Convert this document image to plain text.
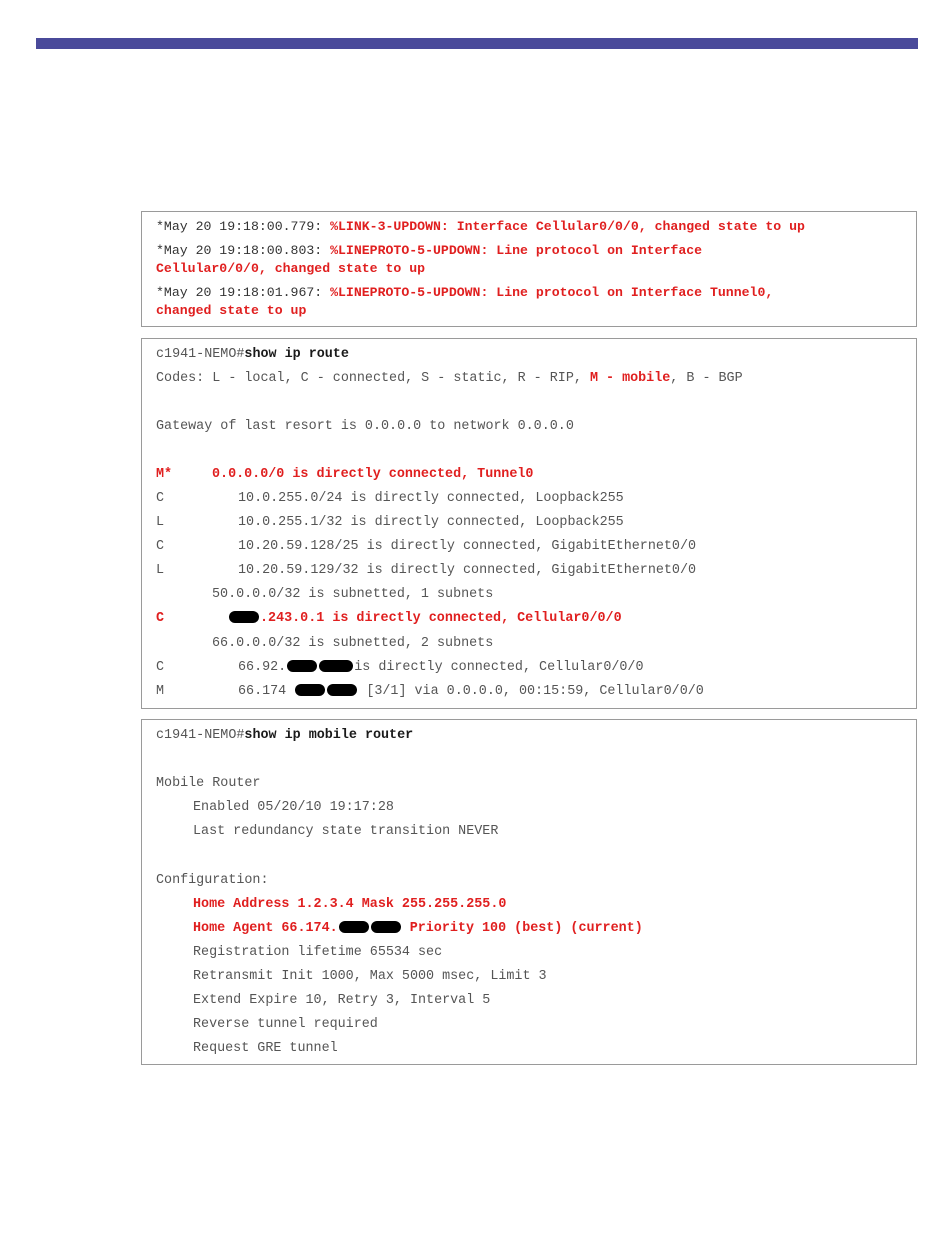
*May 20 19:18:00.779: %LINK-3-UPDOWN: Interface Cellular0/0/0, changed state to up
*May 20 19:18:00.803: %LINEPROTO-5-UPDOWN: Line protocol on Interface
Cellular0/0/0, changed state to up
*May 20 19:18:01.967: %LINEPROTO-5-UPDOWN: Line protocol on Interface Tunnel0,
changed state to up
c1941-NEMO#show ip route
Codes: L - local, C - connected, S - static, R - RIP, M - mobile, B - BGP
Gateway of last resort is 0.0.0.0 to network 0.0.0.0
M*	0.0.0.0/0 is directly connected, Tunnel0
C	10.0.255.0/24 is directly connected, Loopback255
L	10.0.255.1/32 is directly connected, Loopback255
C	10.20.59.128/25 is directly connected, GigabitEthernet0/0
L	10.20.59.129/32 is directly connected, GigabitEthernet0/0
50.0.0.0/32 is subnetted, 1 subnets
C	.243.0.1 is directly connected, Cellular0/0/0
66.0.0.0/32 is subnetted, 2 subnets
C	66.92.	is directly connected, Cellular0/0/0
M	66.174	[3/1] via 0.0.0.0, 00:15:59, Cellular0/0/0
c1941-NEMO#show ip mobile router
Mobile Router
Enabled 05/20/10 19:17:28
Last redundancy state transition NEVER
Configuration:
Home Address 1.2.3.4 Mask 255.255.255.0
Home Agent 66.174.	Priority 100 (best) (current)
Registration lifetime 65534 sec
Retransmit Init 1000, Max 5000 msec, Limit 3
Extend Expire 10, Retry 3, Interval 5
Reverse tunnel required
Request GRE tunnel
